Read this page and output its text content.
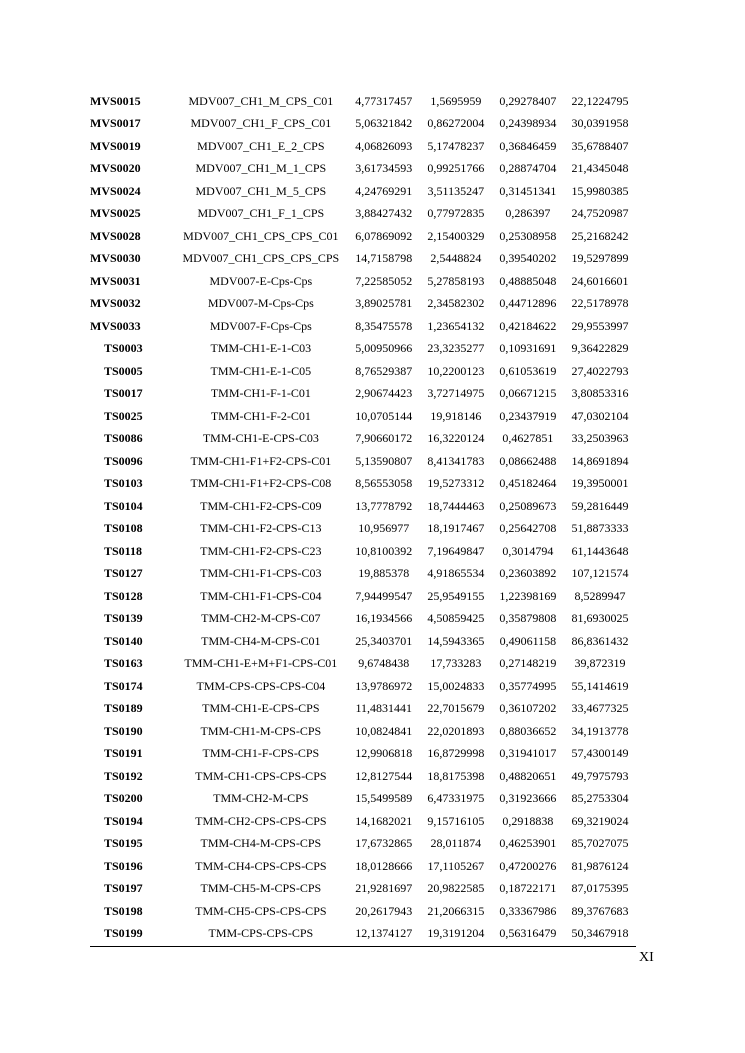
MVS0015	MDV007_CH1_M_CPS_C01	4,77317457	1,5695959	0,29278407	22,1224795
MVS0017	MDV007_CH1_F_CPS_C01	5,06321842	0,86272004	0,24398934	30,0391958
MVS0019	MDV007_CH1_E_2_CPS	4,06826093	5,17478237	0,36846459	35,6788407
MVS0020	MDV007_CH1_M_1_CPS	3,61734593	0,99251766	0,28874704	21,4345048
MVS0024	MDV007_CH1_M_5_CPS	4,24769291	3,51135247	0,31451341	15,9980385
MVS0025	MDV007_CH1_F_1_CPS	3,88427432	0,77972835	0,286397	24,7520987
MVS0028	MDV007_CH1_CPS_CPS_C01	6,07869092	2,15400329	0,25308958	25,2168242
MVS0030	MDV007_CH1_CPS_CPS_CPS	14,7158798	2,5448824	0,39540202	19,5297899
MVS0031	MDV007-E-Cps-Cps	7,22585052	5,27858193	0,48885048	24,6016601
MVS0032	MDV007-M-Cps-Cps	3,89025781	2,34582302	0,44712896	22,5178978
MVS0033	MDV007-F-Cps-Cps	8,35475578	1,23654132	0,42184622	29,9553997
TS0003	TMM-CH1-E-1-C03	5,00950966	23,3235277	0,10931691	9,36422829
TS0005	TMM-CH1-E-1-C05	8,76529387	10,2200123	0,61053619	27,4022793
TS0017	TMM-CH1-F-1-C01	2,90674423	3,72714975	0,06671215	3,80853316
TS0025	TMM-CH1-F-2-C01	10,0705144	19,918146	0,23437919	47,0302104
TS0086	TMM-CH1-E-CPS-C03	7,90660172	16,3220124	0,4627851	33,2503963
TS0096	TMM-CH1-F1+F2-CPS-C01	5,13590807	8,41341783	0,08662488	14,8691894
TS0103	TMM-CH1-F1+F2-CPS-C08	8,56553058	19,5273312	0,45182464	19,3950001
TS0104	TMM-CH1-F2-CPS-C09	13,7778792	18,7444463	0,25089673	59,2816449
TS0108	TMM-CH1-F2-CPS-C13	10,956977	18,1917467	0,25642708	51,8873333
TS0118	TMM-CH1-F2-CPS-C23	10,8100392	7,19649847	0,3014794	61,1443648
TS0127	TMM-CH1-F1-CPS-C03	19,885378	4,91865534	0,23603892	107,121574
TS0128	TMM-CH1-F1-CPS-C04	7,94499547	25,9549155	1,22398169	8,5289947
TS0139	TMM-CH2-M-CPS-C07	16,1934566	4,50859425	0,35879808	81,6930025
TS0140	TMM-CH4-M-CPS-C01	25,3403701	14,5943365	0,49061158	86,8361432
TS0163	TMM-CH1-E+M+F1-CPS-C01	9,6748438	17,733283	0,27148219	39,872319
TS0174	TMM-CPS-CPS-CPS-C04	13,9786972	15,0024833	0,35774995	55,1414619
TS0189	TMM-CH1-E-CPS-CPS	11,4831441	22,7015679	0,36107202	33,4677325
TS0190	TMM-CH1-M-CPS-CPS	10,0824841	22,0201893	0,88036652	34,1913778
TS0191	TMM-CH1-F-CPS-CPS	12,9906818	16,8729998	0,31941017	57,4300149
TS0192	TMM-CH1-CPS-CPS-CPS	12,8127544	18,8175398	0,48820651	49,7975793
TS0200	TMM-CH2-M-CPS	15,5499589	6,47331975	0,31923666	85,2753304
TS0194	TMM-CH2-CPS-CPS-CPS	14,1682021	9,15716105	0,2918838	69,3219024
TS0195	TMM-CH4-M-CPS-CPS	17,6732865	28,011874	0,46253901	85,7027075
TS0196	TMM-CH4-CPS-CPS-CPS	18,0128666	17,1105267	0,47200276	81,9876124
TS0197	TMM-CH5-M-CPS-CPS	21,9281697	20,9822585	0,18722171	87,0175395
TS0198	TMM-CH5-CPS-CPS-CPS	20,2617943	21,2066315	0,33367986	89,3767683
TS0199	TMM-CPS-CPS-CPS	12,1374127	19,3191204	0,56316479	50,3467918
XI
